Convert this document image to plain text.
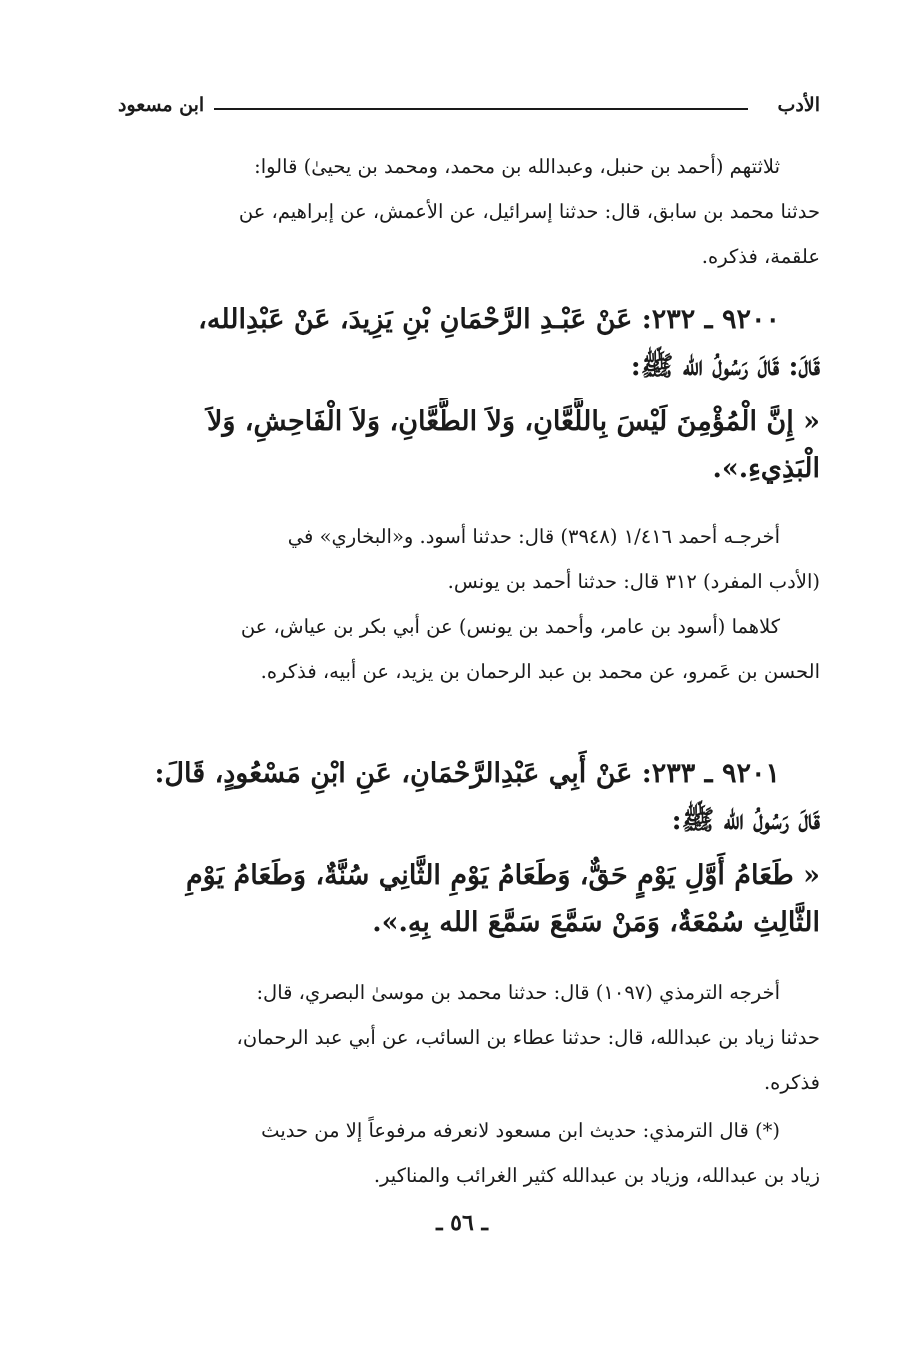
الأدب
ابن مسعود
ثلاثتهم (أحمد بن حنبل، وعبدالله بن محمد، ومحمد بن يحيىٰ) قالوا:
حدثنا محمد بن سابق، قال: حدثنا إسرائيل، عن الأعمش، عن إبراهيم، عن
علقمة، فذكره.
٩٢٠٠ ـ ٢٣٢: عَنْ عَبْـدِ الرَّحْمَانِ بْنِ يَزِيدَ، عَنْ عَبْدِالله،
قَالَ: قَالَ رَسُولُ الله ﷺ:
« إِنَّ الْمُؤْمِنَ لَيْسَ بِاللَّعَّانِ، وَلاَ الطَّعَّانِ، وَلاَ الْفَاحِشِ، وَلاَ
الْبَذِيءِ.».
أخرجـه أحمد ١/٤١٦ (٣٩٤٨) قال: حدثنا أسود. و«البخاري» في
(الأدب المفرد) ٣١٢ قال: حدثنا أحمد بن يونس.
كلاهما (أسود بن عامر، وأحمد بن يونس) عن أبي بكر بن عياش، عن
الحسن بن عَمرو، عن محمد بن عبد الرحمان بن يزيد، عن أبيه، فذكره.
٩٢٠١ ـ ٢٣٣: عَنْ أَبِي عَبْدِالرَّحْمَانِ، عَنِ ابْنِ مَسْعُودٍ، قَالَ:
قَالَ رَسُولُ الله ﷺ:
« طَعَامُ أَوَّلِ يَوْمٍ حَقٌّ، وَطَعَامُ يَوْمِ الثَّانِي سُنَّةٌ، وَطَعَامُ يَوْمِ
الثَّالِثِ سُمْعَةٌ، وَمَنْ سَمَّعَ سَمَّعَ الله بِهِ.».
أخرجه الترمذي (١٠٩٧) قال: حدثنا محمد بن موسىٰ البصري، قال:
حدثنا زياد بن عبدالله، قال: حدثنا عطاء بن السائب، عن أبي عبد الرحمان،
فذكره.
(*) قال الترمذي: حديث ابن مسعود لانعرفه مرفوعاً إلا من حديث
زياد بن عبدالله، وزياد بن عبدالله كثير الغرائب والمناكير.
ـ ٥٦ ـ
